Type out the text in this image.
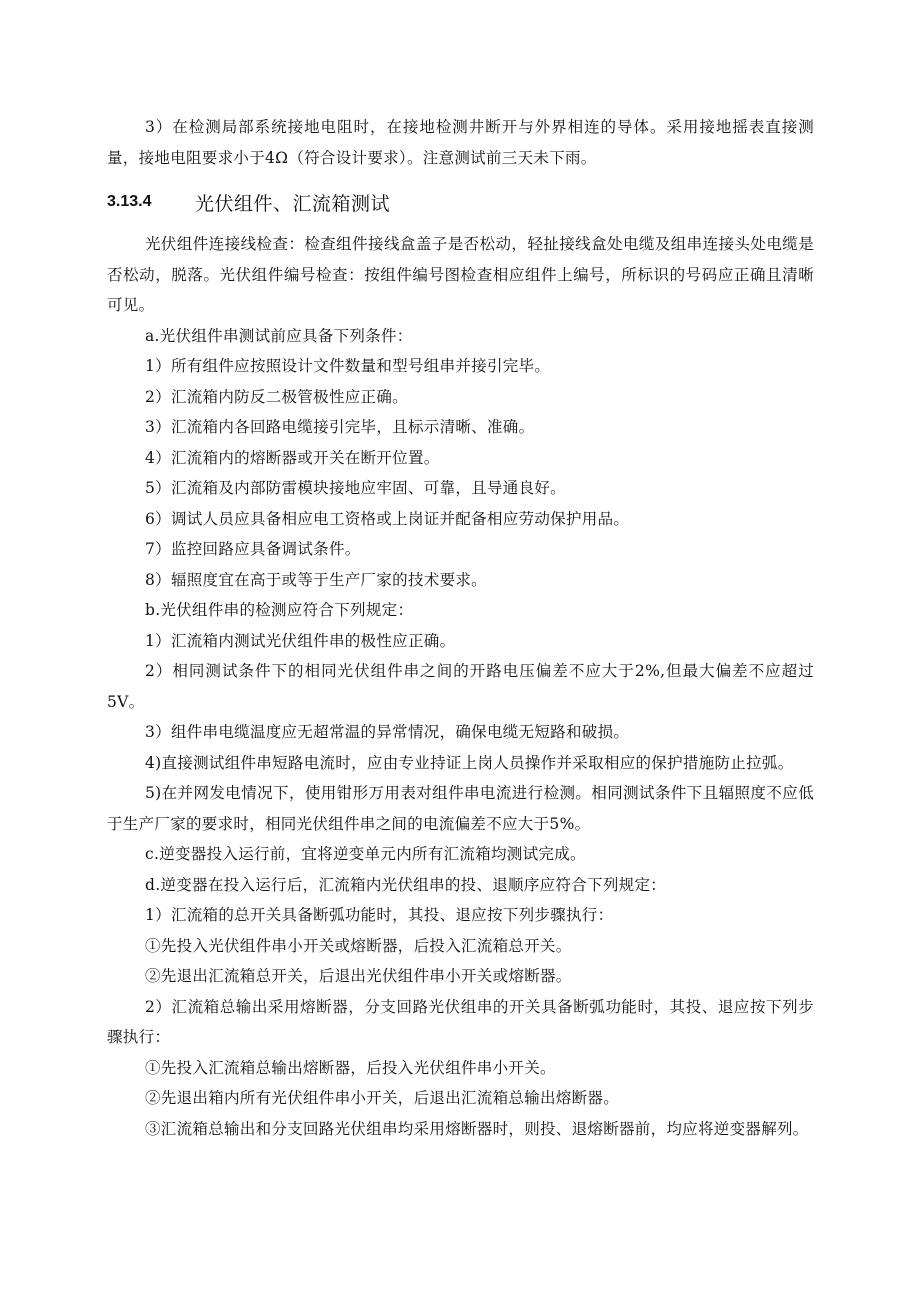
3）在检测局部系统接地电阻时，在接地检测井断开与外界相连的导体。采用接地摇表直接测量，接地电阻要求小于4Ω（符合设计要求）。注意测试前三天未下雨。

3.13.4	光伏组件、汇流箱测试

光伏组件连接线检查：检查组件接线盒盖子是否松动，轻扯接线盒处电缆及组串连接头处电缆是否松动，脱落。光伏组件编号检查：按组件编号图检查相应组件上编号，所标识的号码应正确且清晰可见。

a.光伏组件串测试前应具备下列条件：

1）所有组件应按照设计文件数量和型号组串并接引完毕。

2）汇流箱内防反二极管极性应正确。

3）汇流箱内各回路电缆接引完毕，且标示清晰、准确。

4）汇流箱内的熔断器或开关在断开位置。

5）汇流箱及内部防雷模块接地应牢固、可靠，且导通良好。

6）调试人员应具备相应电工资格或上岗证并配备相应劳动保护用品。

7）监控回路应具备调试条件。

8）辐照度宜在高于或等于生产厂家的技术要求。

b.光伏组件串的检测应符合下列规定：

1）汇流箱内测试光伏组件串的极性应正确。

2）相同测试条件下的相同光伏组件串之间的开路电压偏差不应大于2%,但最大偏差不应超过5V。

3）组件串电缆温度应无超常温的异常情况，确保电缆无短路和破损。

4)直接测试组件串短路电流时，应由专业持证上岗人员操作并采取相应的保护措施防止拉弧。

5)在并网发电情况下，使用钳形万用表对组件串电流进行检测。相同测试条件下且辐照度不应低于生产厂家的要求时，相同光伏组件串之间的电流偏差不应大于5%。

c.逆变器投入运行前，宜将逆变单元内所有汇流箱均测试完成。

d.逆变器在投入运行后，汇流箱内光伏组串的投、退顺序应符合下列规定：

1）汇流箱的总开关具备断弧功能时，其投、退应按下列步骤执行：

①先投入光伏组件串小开关或熔断器，后投入汇流箱总开关。

②先退出汇流箱总开关，后退出光伏组件串小开关或熔断器。

2）汇流箱总输出采用熔断器，分支回路光伏组串的开关具备断弧功能时，其投、退应按下列步骤执行：

①先投入汇流箱总输出熔断器，后投入光伏组件串小开关。

②先退出箱内所有光伏组件串小开关，后退出汇流箱总输出熔断器。

③汇流箱总输出和分支回路光伏组串均采用熔断器时，则投、退熔断器前，均应将逆变器解列。
